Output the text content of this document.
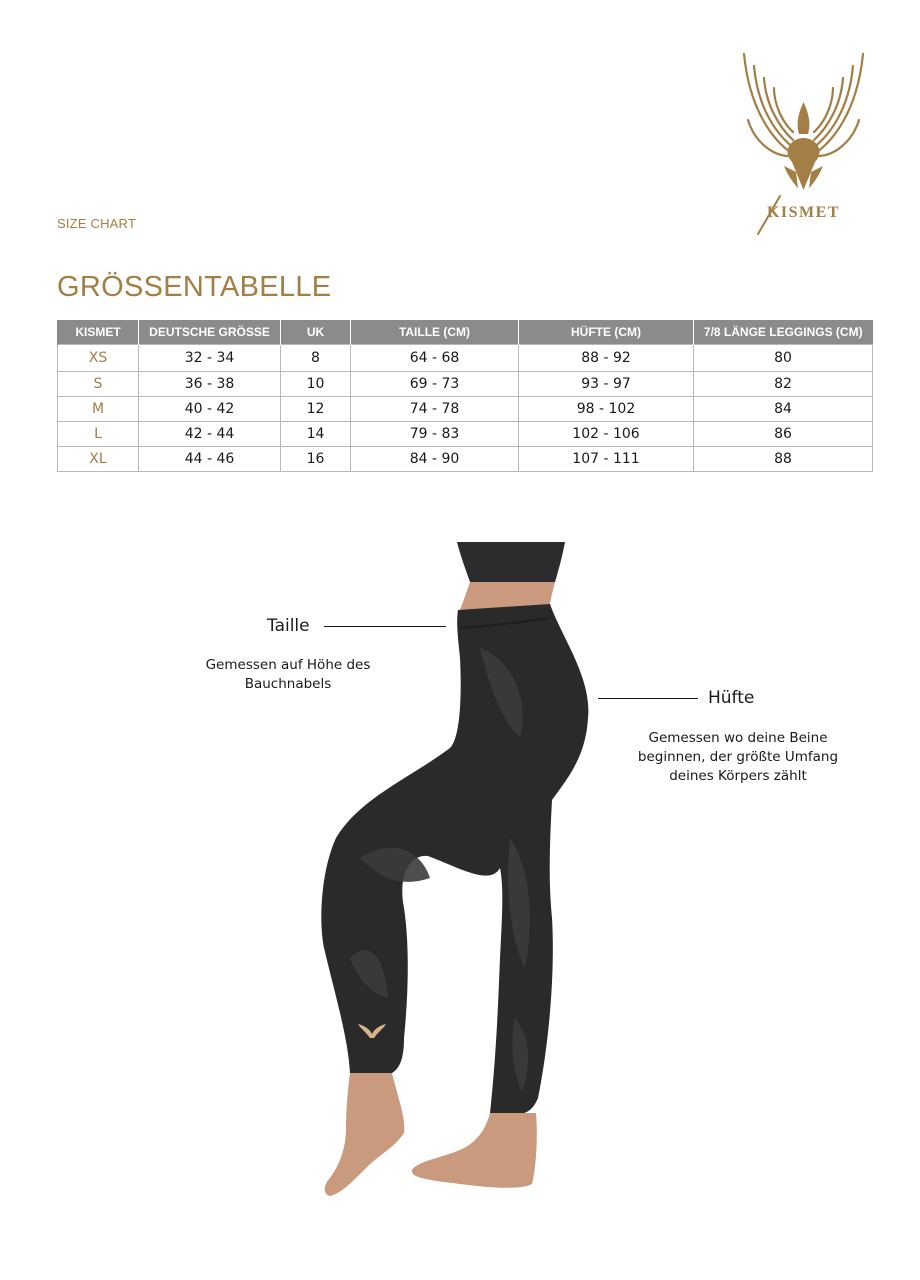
SIZE CHART
KISMET
GRÖSSENTABELLE
KISMET	DEUTSCHE GRÖSSE	UK	TAILLE (CM)	HÜFTE (CM)	7/8 LÄNGE LEGGINGS (CM)
XS	32 - 34	8	64 - 68	88 - 92	80
S	36 - 38	10	69 - 73	93 - 97	82
M	40 - 42	12	74 - 78	98 - 102	84
L	42 - 44	14	79 - 83	102 - 106	86
XL	44 - 46	16	84 - 90	107 - 111	88
Taille
Gemessen auf Höhe des
Bauchnabels
Hüfte
Gemessen wo deine Beine
beginnen, der größte Umfang
deines Körpers zählt
